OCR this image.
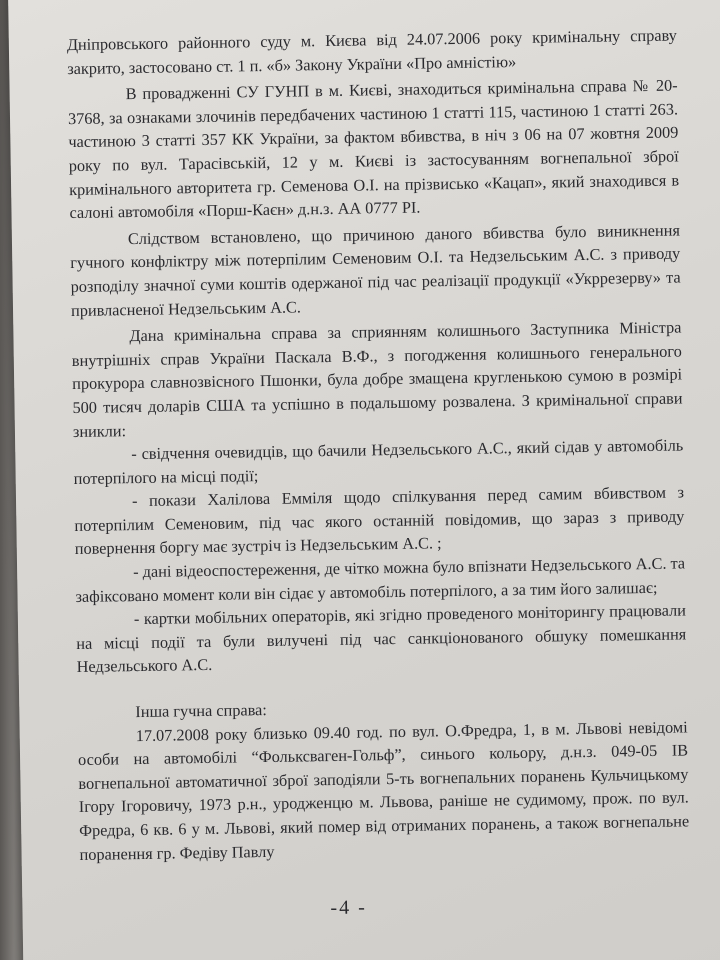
Дніпровського районного суду м. Києва від 24.07.2006 року кримінальну справу закрито, застосовано ст. 1 п. «б» Закону України «Про амністію»

В провадженні СУ ГУНП в м. Києві, знаходиться кримінальна справа № 20-3768, за ознаками злочинів передбачених частиною 1 статті 115, частиною 1 статті 263. частиною 3 статті 357 КК України, за фактом вбивства, в ніч з 06 на 07 жовтня 2009 року по вул. Тарасівській, 12 у м. Києві із застосуванням вогнепальної зброї кримінального авторитета гр. Семенова О.І. на прізвисько «Кацап», який знаходився в салоні автомобіля «Порш-Каєн» д.н.з. АА 0777 РІ.

Слідством встановлено, що причиною даного вбивства було виникнення гучного конфліктру між потерпілим Семеновим О.І. та Недзельським А.С. з приводу розподілу значної суми коштів одержаної під час реалізації продукції «Укррезерву» та привласненої Недзельським А.С.

Дана кримінальна справа за сприянням колишнього Заступника Міністра внутрішніх справ України Паскала В.Ф., з погодження колишнього генерального прокурора славнозвісного Пшонки, була добре змащена кругленькою сумою в розмірі 500 тисяч доларів США та успішно в подальшому розвалена. З кримінальної справи зникли:

- свідчення очевидців, що бачили Недзельського А.С., який сідав у автомобіль потерпілого на місці події;

- покази Халілова Емміля щодо спілкування перед самим вбивством з потерпілим Семеновим, під час якого останній повідомив, що зараз з приводу повернення боргу має зустріч із Недзельським А.С. ;

- дані відеоспостереження, де чітко можна було впізнати Недзельського А.С. та зафіксовано момент коли він сідає у автомобіль потерпілого, а за тим його залишає;

- картки мобільних операторів, які згідно проведеного моніторингу працювали на місці події та були вилучені під час санкціонованого обшуку помешкання Недзельського А.С.

Інша гучна справа:

17.07.2008 року близько 09.40 год. по вул. О.Фредра, 1, в м. Львові невідомі особи на автомобілі “Фольксваген-Гольф”, синього кольору, д.н.з. 049-05 ІВ вогнепальної автоматичної зброї заподіяли 5-ть вогнепальних поранень Кульчицькому Ігору Ігоровичу, 1973 р.н., уродженцю м. Львова, раніше не судимому, прож. по вул. Фредра, 6 кв. 6 у м. Львові, який помер від отриманих поранень, а також вогнепальне поранення гр. Федіву Павлу

-4 -
